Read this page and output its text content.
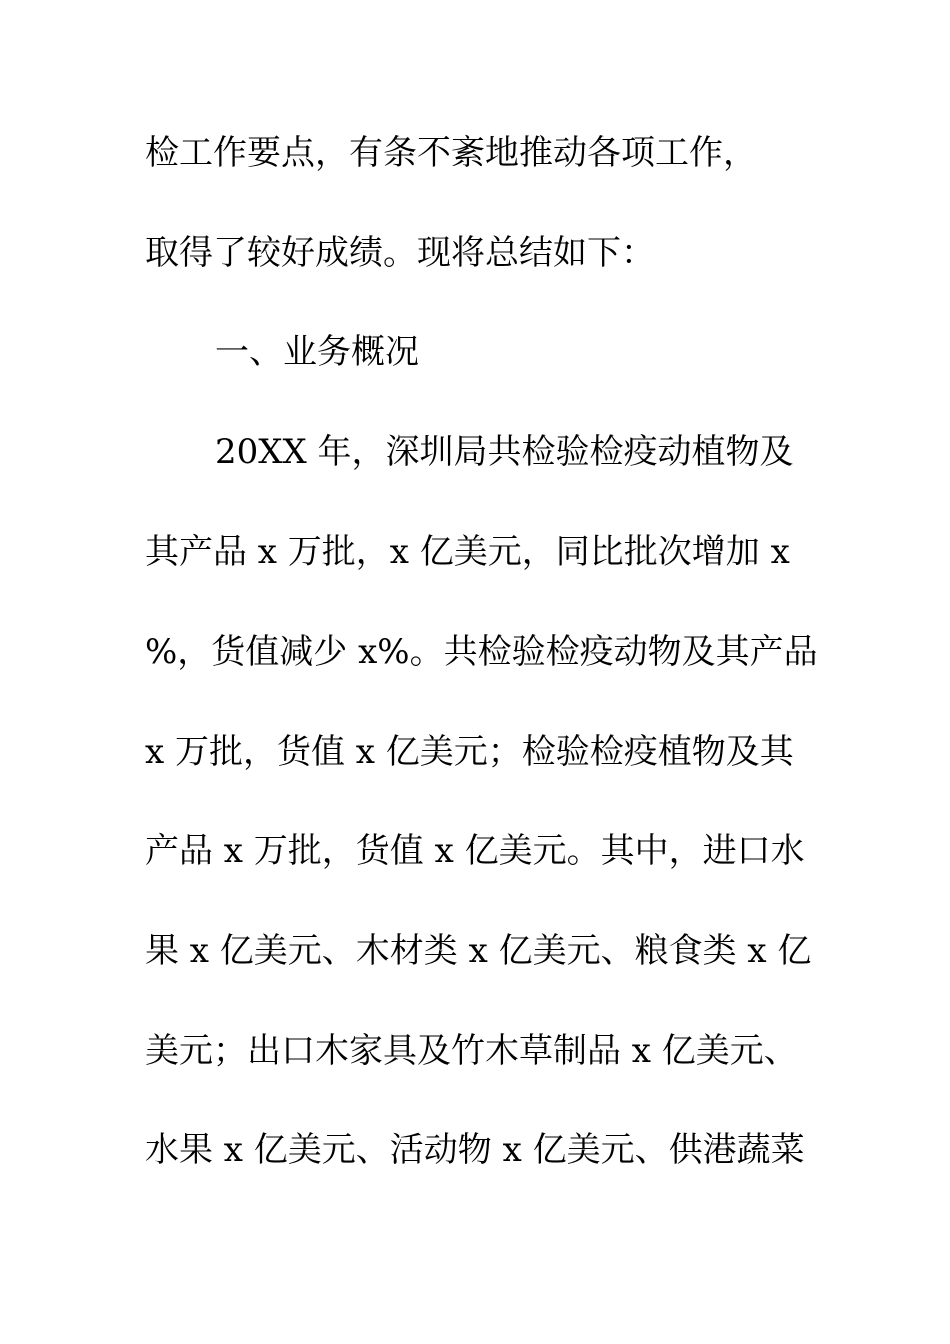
检工作要点，有条不紊地推动各项工作，
取得了较好成绩。现将总结如下：
一、业务概况
20XX 年，深圳局共检验检疫动植物及
其产品 x 万批，x 亿美元，同比批次增加 x
%，货值减少 x%。共检验检疫动物及其产品
x 万批，货值 x 亿美元；检验检疫植物及其
产品 x 万批，货值 x 亿美元。其中，进口水
果 x 亿美元、木材类 x 亿美元、粮食类 x 亿
美元；出口木家具及竹木草制品 x 亿美元、
水果 x 亿美元、活动物 x 亿美元、供港蔬菜
